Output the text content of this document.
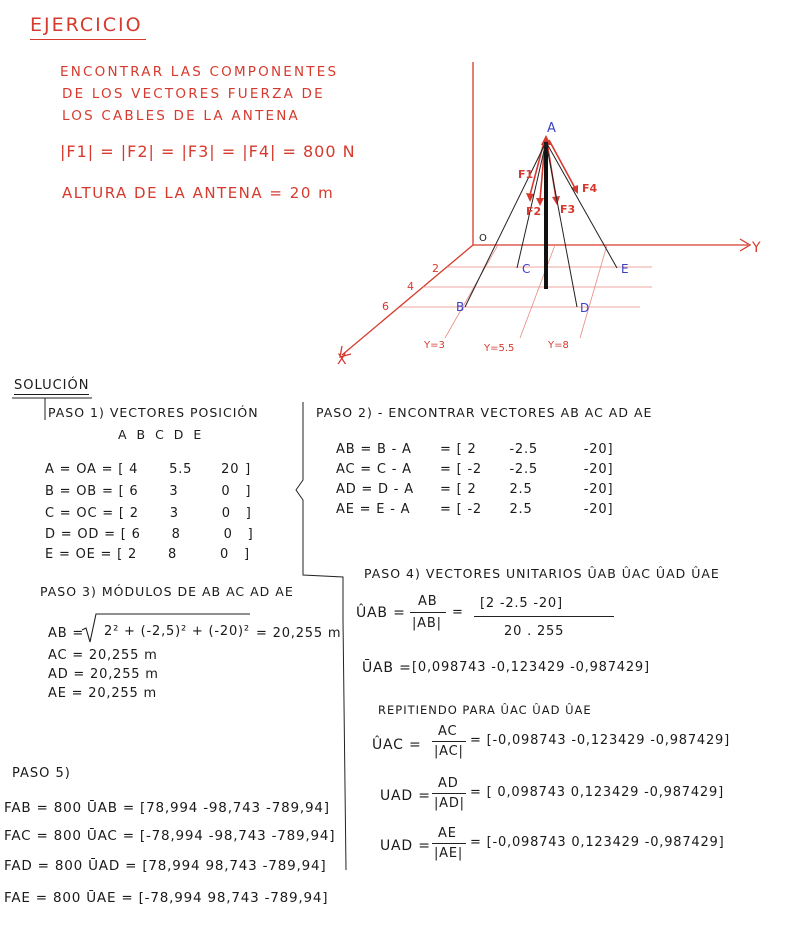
EJERCICIO
ENCONTRAR LAS COMPONENTES
DE LOS VECTORES FUERZA DE
LOS CABLES DE LA ANTENA
|F1| = |F2| = |F3| = |F4| = 800 N
ALTURA DE LA ANTENA = 20 m
A
O
Y
X
B
C
D
E
F1
F2 F3
F4
2
4
6
Y=3	Y=5.5	Y=8
SOLUCIÓN
PASO 1) VECTORES POSICIÓN
A B C D E
A = OA = [ 4 5.5 20 ]
B = OB = [ 6 3	0 ]
C = OC = [ 2 3	0 ]
D = OD = [ 6 8	0 ]
E = OE = [ 2 8	0 ]
PASO 2) - ENCONTRAR VECTORES AB AC AD AE
AB = B - A = [ 2	-2.5	-20]
AC = C - A = [ -2 -2.5	-20]
AD = D - A = [ 2	2.5	-20]
AE = E - A = [ -2 2.5	-20]
PASO 3) MÓDULOS DE AB AC AD AE
AB = 2² + (-2,5)² + (-20)² = 20,255 m
AC = 20,255 m
AD = 20,255 m
AE = 20,255 m
PASO 4) VECTORES UNITARIOS ÛAB ÛAC ÛAD ÛAE
ÛAB =
AB
|AB|
=
[2 -2.5 -20]
20 . 255
ŪAB = [0,098743 -0,123429 -0,987429]
REPITIENDO PARA ÛAC ÛAD ÛAE
ÛAC =
AC
|AC|
= [-0,098743 -0,123429 -0,987429]
UAD =
AD
|AD|
= [ 0,098743 0,123429 -0,987429]
UAD =
AE
|AE|
= [-0,098743 0,123429 -0,987429]
PASO 5)
FAB = 800 ŪAB = [78,994 -98,743 -789,94]
FAC = 800 ŪAC = [-78,994 -98,743 -789,94]
FAD = 800 ŪAD = [78,994 98,743 -789,94]
FAE = 800 ŪAE = [-78,994 98,743 -789,94]
